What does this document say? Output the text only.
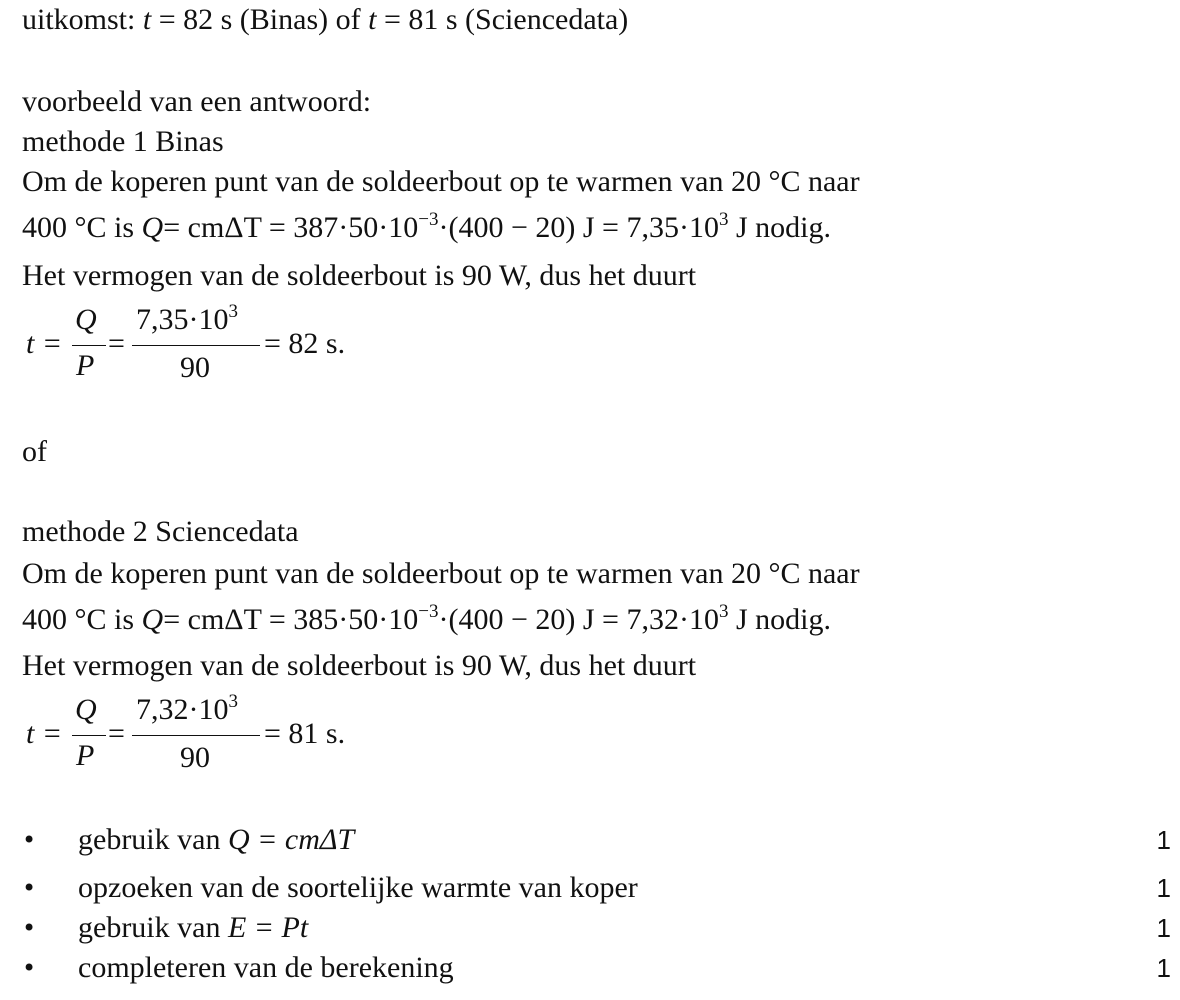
uitkomst: t = 82 s (Binas) of t = 81 s (Sciencedata)
voorbeeld van een antwoord:
methode 1 Binas
Om de koperen punt van de soldeerbout op te warmen van 20 °C naar
400 °C is $Q= cm\Delta T = 387\cdot 50\cdot 10^{-3}\cdot(400 - 20) J = 7,35\cdot 10^3$ J nodig.
Het vermogen van de soldeerbout is 90 W, dus het duurt
t =
Q
P
=
$7,35\cdot 10^3$
90
= 82 s.
of
methode 2 Sciencedata
Om de koperen punt van de soldeerbout op te warmen van 20 °C naar
400 °C is $Q= cm\Delta T = 385\cdot 50\cdot 10^{-3}\cdot(400 - 20) J = 7,32\cdot 10^3$ J nodig.
Het vermogen van de soldeerbout is 90 W, dus het duurt
t =
Q
P
=
$7,32\cdot 10^3$
90
= 81 s.
• gebruik van Q = cmΔT	1
• opzoeken van de soortelijke warmte van koper	1
• gebruik van E = Pt	1
• completeren van de berekening	1
